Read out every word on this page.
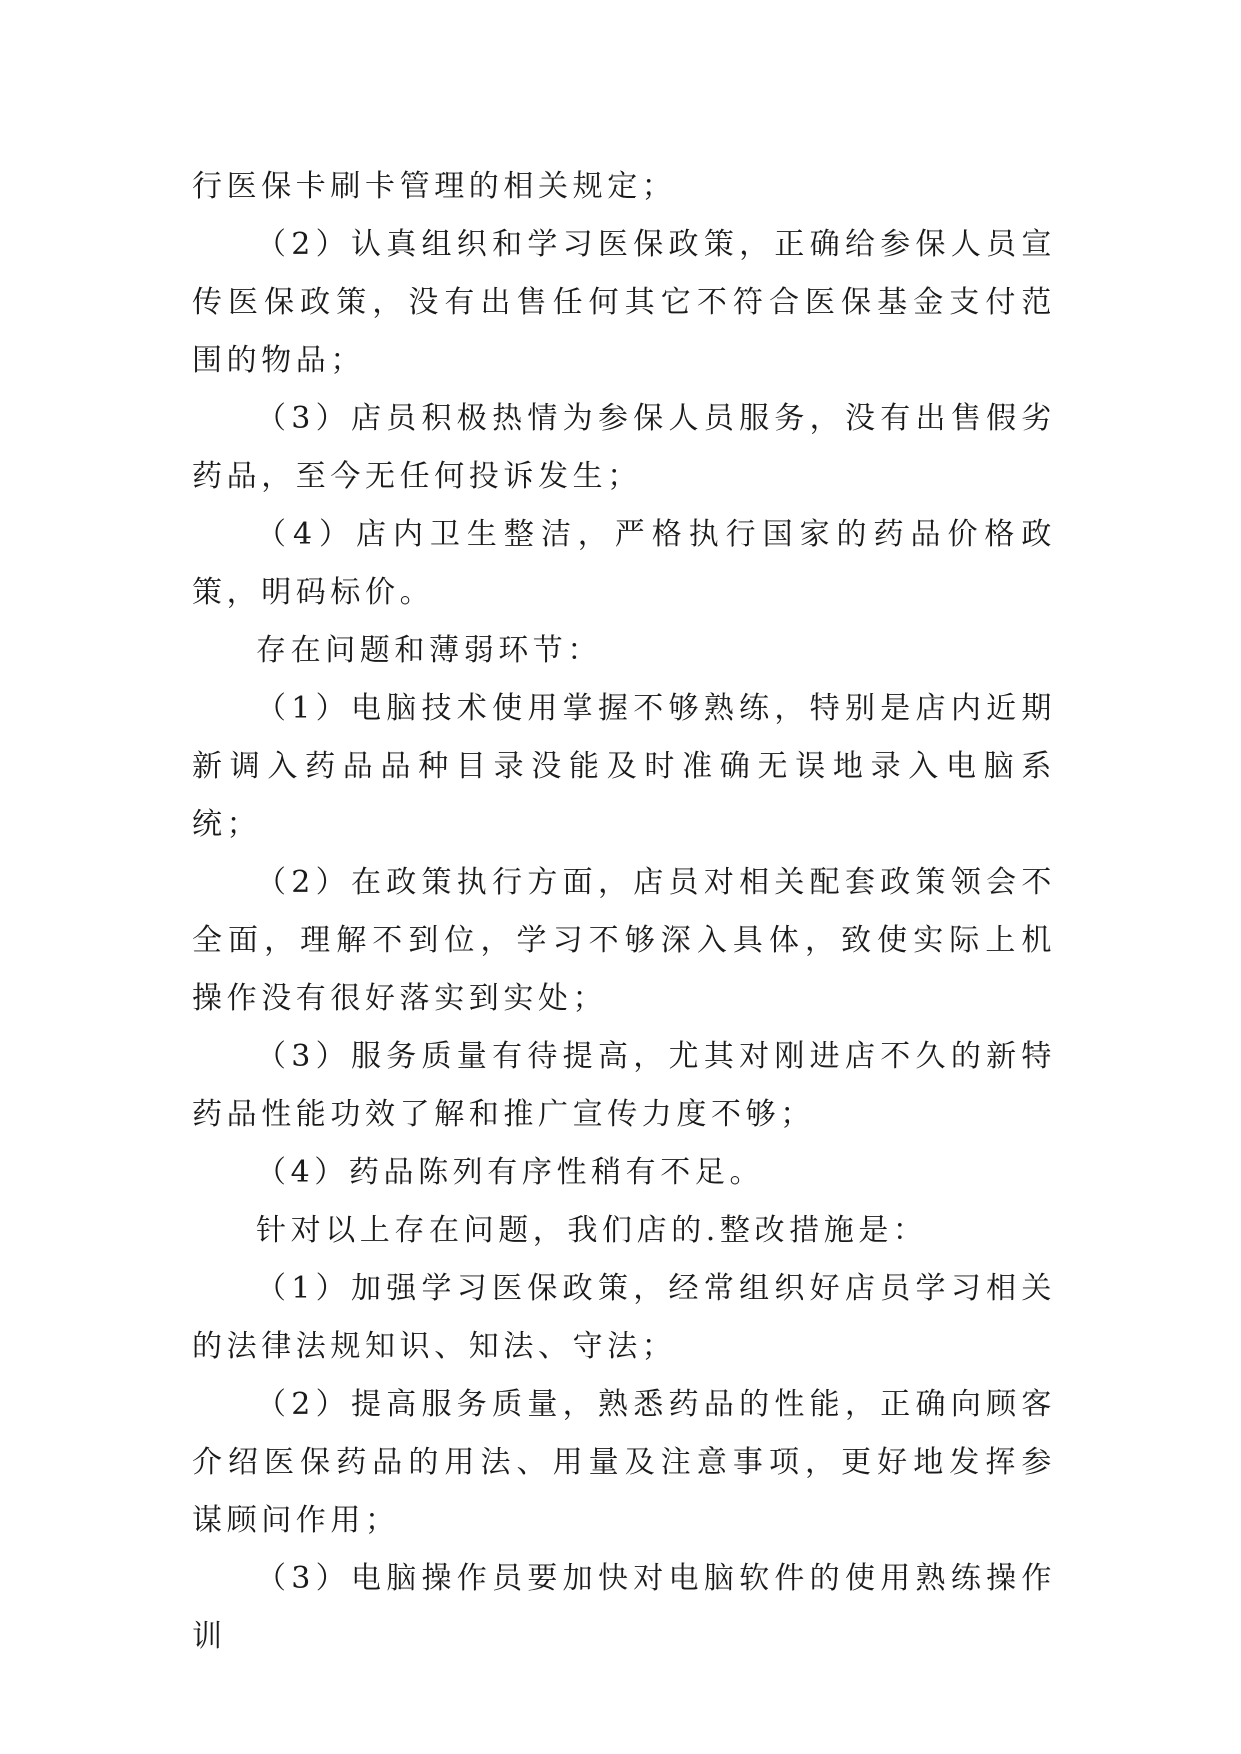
行医保卡刷卡管理的相关规定；

（2）认真组织和学习医保政策，正确给参保人员宣传医保政策，没有出售任何其它不符合医保基金支付范围的物品；

（3）店员积极热情为参保人员服务，没有出售假劣药品，至今无任何投诉发生；

（4）店内卫生整洁，严格执行国家的药品价格政策，明码标价。

存在问题和薄弱环节：

（1）电脑技术使用掌握不够熟练，特别是店内近期新调入药品品种目录没能及时准确无误地录入电脑系统；

（2）在政策执行方面，店员对相关配套政策领会不全面，理解不到位，学习不够深入具体，致使实际上机操作没有很好落实到实处；

（3）服务质量有待提高，尤其对刚进店不久的新特药品性能功效了解和推广宣传力度不够；

（4）药品陈列有序性稍有不足。

针对以上存在问题，我们店的.整改措施是：

（1）加强学习医保政策，经常组织好店员学习相关的法律法规知识、知法、守法；

（2）提高服务质量，熟悉药品的性能，正确向顾客介绍医保药品的用法、用量及注意事项，更好地发挥参谋顾问作用；

（3）电脑操作员要加快对电脑软件的使用熟练操作训
